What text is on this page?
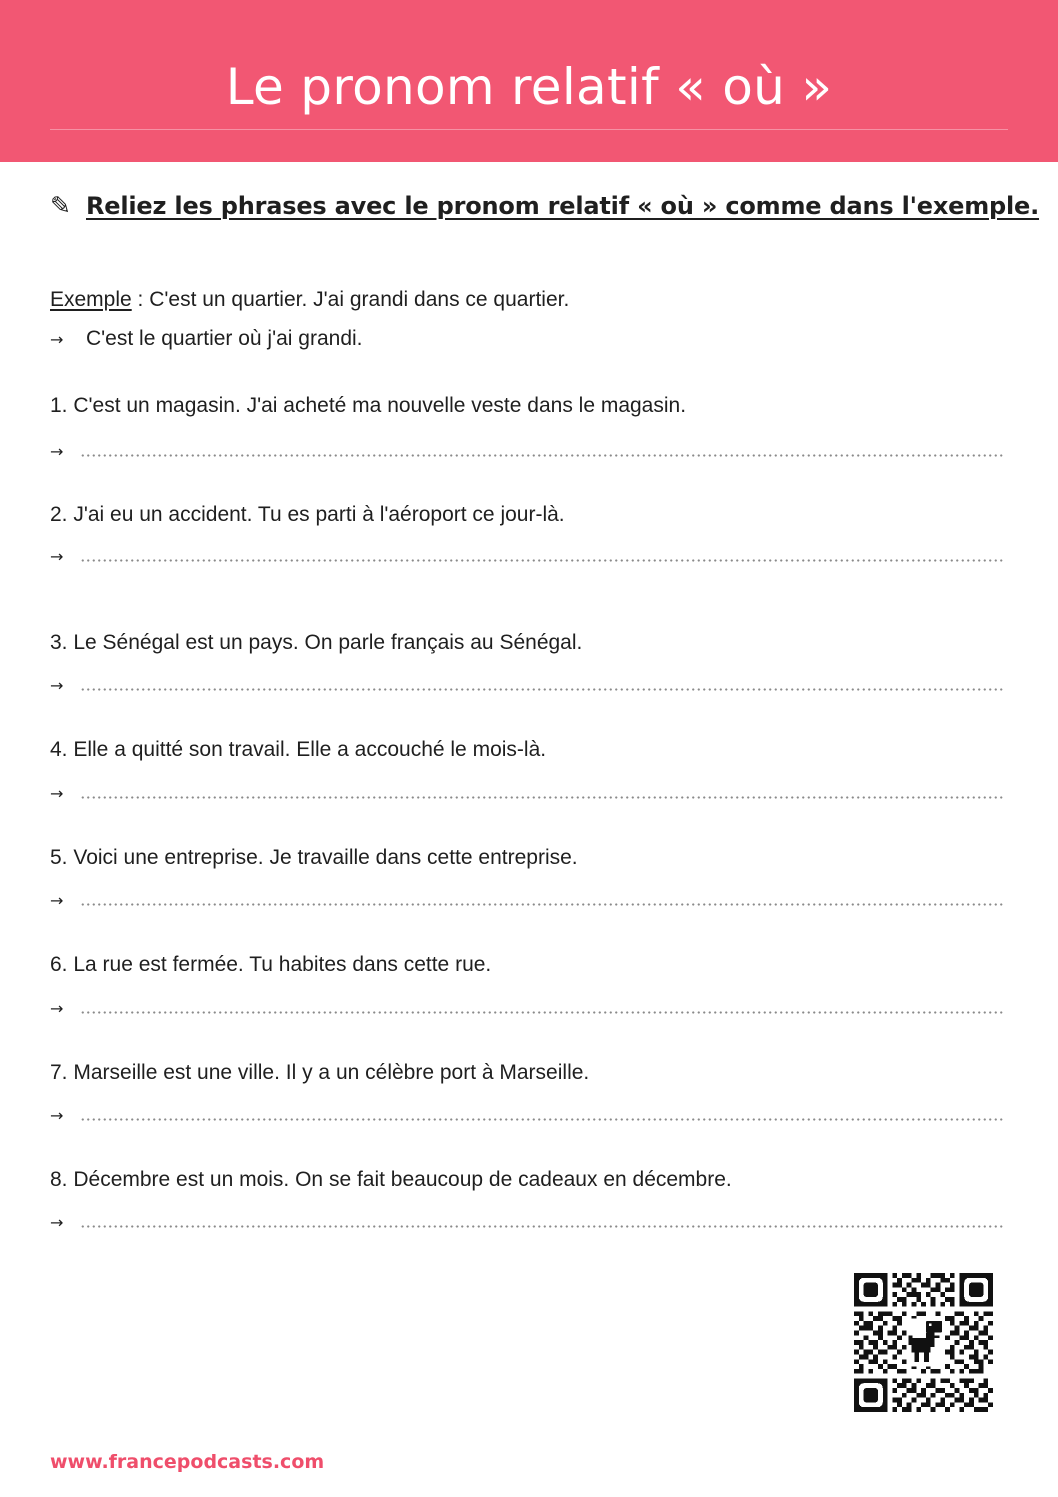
Le pronom relatif « où »
✎ Reliez les phrases avec le pronom relatif « où » comme dans l'exemple.
Exemple : C'est un quartier. J'ai grandi dans ce quartier.
→ C'est le quartier où j'ai grandi.
1. C'est un magasin. J'ai acheté ma nouvelle veste dans le magasin.
→
2. J'ai eu un accident. Tu es parti à l'aéroport ce jour-là.
→
3. Le Sénégal est un pays. On parle français au Sénégal.
→
4. Elle a quitté son travail. Elle a accouché le mois-là.
→
5. Voici une entreprise. Je travaille dans cette entreprise.
→
6. La rue est fermée. Tu habites dans cette rue.
→
7. Marseille est une ville. Il y a un célèbre port à Marseille.
→
8. Décembre est un mois. On se fait beaucoup de cadeaux en décembre.
→
www.francepodcasts.com
